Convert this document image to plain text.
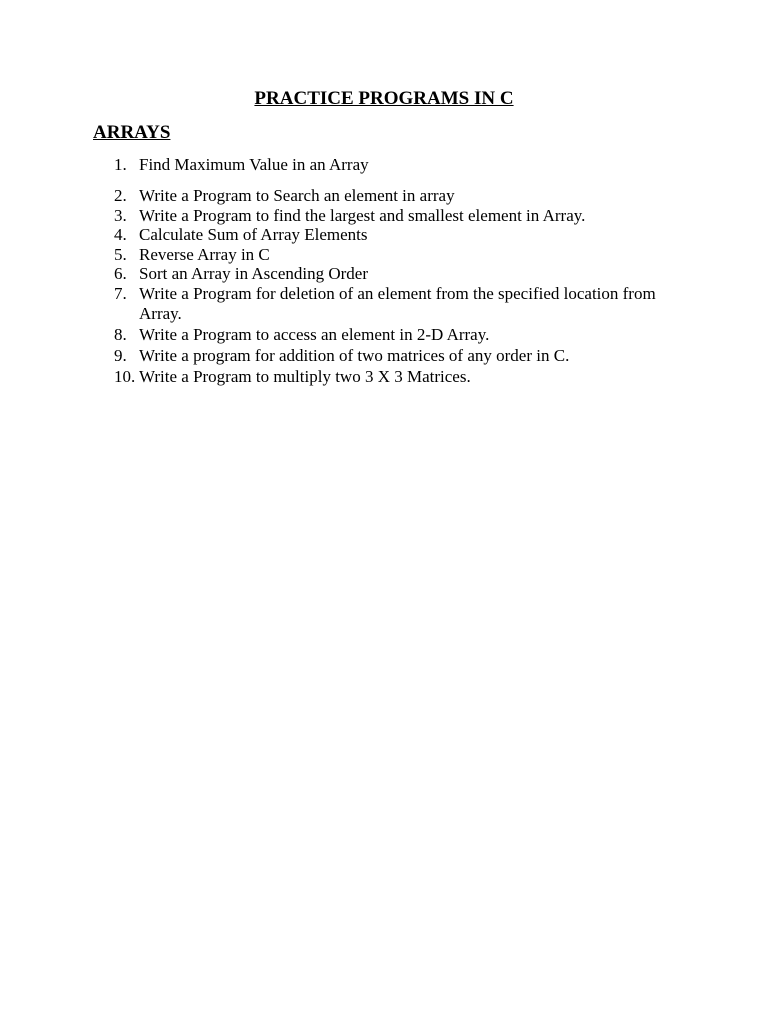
PRACTICE PROGRAMS IN C
ARRAYS
1. Find Maximum Value in an Array
2. Write a Program to Search an element in array
3. Write a Program to find the largest and smallest element in Array.
4. Calculate Sum of Array Elements
5. Reverse Array in C
6. Sort an Array in Ascending Order
7. Write a Program for deletion of an element from the specified location from Array.
8. Write a Program to access an element in 2-D Array.
9. Write a program for addition of two matrices of any order in C.
10. Write a Program to multiply two 3 X 3 Matrices.
